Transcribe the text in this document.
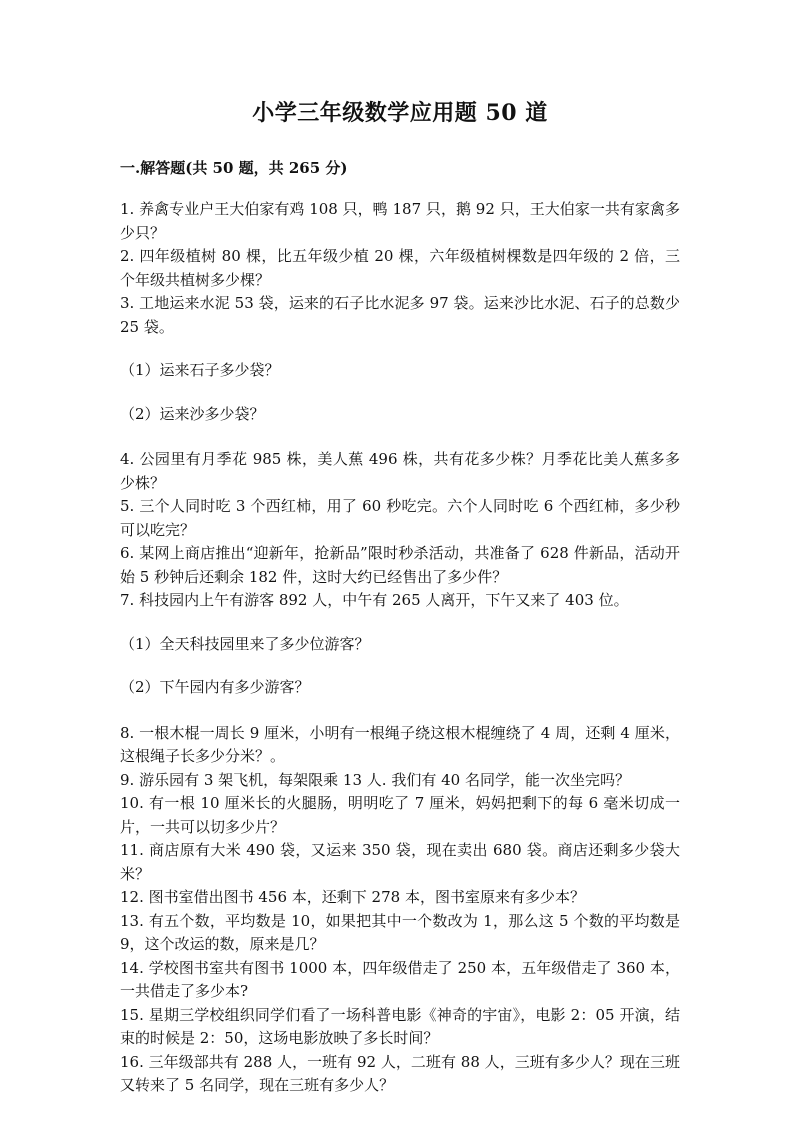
小学三年级数学应用题 50 道
一.解答题(共 50 题，共 265 分)

1. 养禽专业户王大伯家有鸡 108 只，鸭 187 只，鹅 92 只，王大伯家一共有家禽多少只？

2. 四年级植树 80 棵，比五年级少植 20 棵，六年级植树棵数是四年级的 2 倍，三个年级共植树多少棵？

3. 工地运来水泥 53 袋，运来的石子比水泥多 97 袋。运来沙比水泥、石子的总数少 25 袋。

（1）运来石子多少袋？

（2）运来沙多少袋？

4. 公园里有月季花 985 株，美人蕉 496 株，共有花多少株？月季花比美人蕉多多少株？

5. 三个人同时吃 3 个西红柿，用了 60 秒吃完。六个人同时吃 6 个西红柿，多少秒可以吃完？

6. 某网上商店推出“迎新年，抢新品”限时秒杀活动，共准备了 628 件新品，活动开始 5 秒钟后还剩余 182 件，这时大约已经售出了多少件？

7. 科技园内上午有游客 892 人，中午有 265 人离开，下午又来了 403 位。

（1）全天科技园里来了多少位游客？

（2）下午园内有多少游客？

8. 一根木棍一周长 9 厘米，小明有一根绳子绕这根木棍缠绕了 4 周，还剩 4 厘米，这根绳子长多少分米？。

9. 游乐园有 3 架飞机，每架限乘 13 人. 我们有 40 名同学，能一次坐完吗？

10. 有一根 10 厘米长的火腿肠，明明吃了 7 厘米，妈妈把剩下的每 6 毫米切成一片，一共可以切多少片？

11. 商店原有大米 490 袋，又运来 350 袋，现在卖出 680 袋。商店还剩多少袋大米？

12. 图书室借出图书 456 本，还剩下 278 本，图书室原来有多少本？

13. 有五个数，平均数是 10，如果把其中一个数改为 1，那么这 5 个数的平均数是 9，这个改运的数，原来是几？

14. 学校图书室共有图书 1000 本，四年级借走了 250 本，五年级借走了 360 本，一共借走了多少本?

15. 星期三学校组织同学们看了一场科普电影《神奇的宇宙》，电影 2：05 开演，结束的时候是 2：50，这场电影放映了多长时间？

16. 三年级部共有 288 人，一班有 92 人，二班有 88 人，三班有多少人？现在三班又转来了 5 名同学，现在三班有多少人？
